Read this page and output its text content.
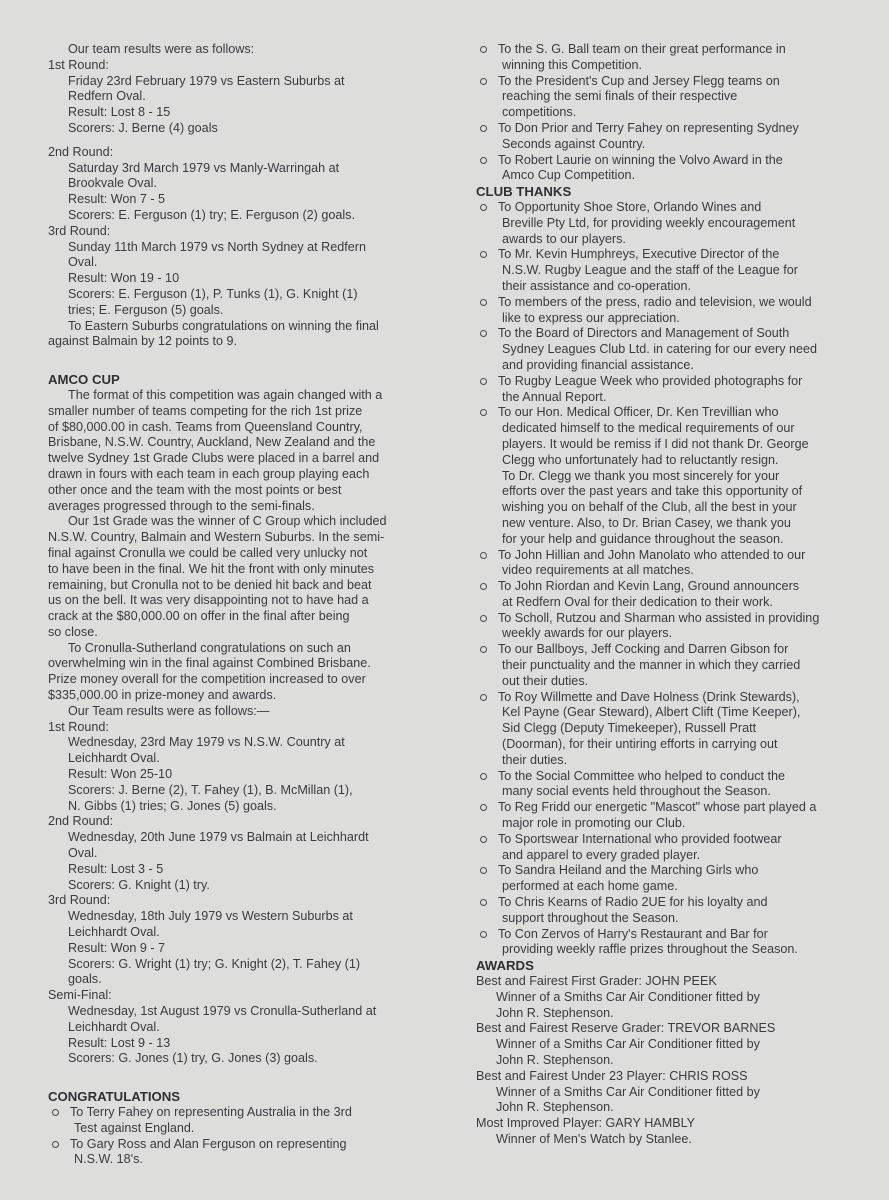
Our team results were as follows:
1st Round:
Friday 23rd February 1979 vs Eastern Suburbs at
Redfern Oval.
Result: Lost 8 - 15
Scorers: J. Berne (4) goals
2nd Round:
Saturday 3rd March 1979 vs Manly-Warringah at
Brookvale Oval.
Result: Won 7 - 5
Scorers: E. Ferguson (1) try; E. Ferguson (2) goals.
3rd Round:
Sunday 11th March 1979 vs North Sydney at Redfern
Oval.
Result: Won 19 - 10
Scorers: E. Ferguson (1), P. Tunks (1), G. Knight (1)
tries; E. Ferguson (5) goals.
To Eastern Suburbs congratulations on winning the final
against Balmain by 12 points to 9.
AMCO CUP
The format of this competition was again changed with a
smaller number of teams competing for the rich 1st prize
of $80,000.00 in cash. Teams from Queensland Country,
Brisbane, N.S.W. Country, Auckland, New Zealand and the
twelve Sydney 1st Grade Clubs were placed in a barrel and
drawn in fours with each team in each group playing each
other once and the team with the most points or best
averages progressed through to the semi-finals.
Our 1st Grade was the winner of C Group which included
N.S.W. Country, Balmain and Western Suburbs. In the semi-
final against Cronulla we could be called very unlucky not
to have been in the final. We hit the front with only minutes
remaining, but Cronulla not to be denied hit back and beat
us on the bell. It was very disappointing not to have had a
crack at the $80,000.00 on offer in the final after being
so close.
To Cronulla-Sutherland congratulations on such an
overwhelming win in the final against Combined Brisbane.
Prize money overall for the competition increased to over
$335,000.00 in prize-money and awards.
Our Team results were as follows:—
1st Round:
Wednesday, 23rd May 1979 vs N.S.W. Country at
Leichhardt Oval.
Result: Won 25-10
Scorers: J. Berne (2), T. Fahey (1), B. McMillan (1),
N. Gibbs (1) tries; G. Jones (5) goals.
2nd Round:
Wednesday, 20th June 1979 vs Balmain at Leichhardt
Oval.
Result: Lost 3 - 5
Scorers: G. Knight (1) try.
3rd Round:
Wednesday, 18th July 1979 vs Western Suburbs at
Leichhardt Oval.
Result: Won 9 - 7
Scorers: G. Wright (1) try; G. Knight (2), T. Fahey (1)
goals.
Semi-Final:
Wednesday, 1st August 1979 vs Cronulla-Sutherland at
Leichhardt Oval.
Result: Lost 9 - 13
Scorers: G. Jones (1) try, G. Jones (3) goals.
CONGRATULATIONS
To Terry Fahey on representing Australia in the 3rd
Test against England.
To Gary Ross and Alan Ferguson on representing
N.S.W. 18's.
To the S. G. Ball team on their great performance in
winning this Competition.
To the President's Cup and Jersey Flegg teams on
reaching the semi finals of their respective
competitions.
To Don Prior and Terry Fahey on representing Sydney
Seconds against Country.
To Robert Laurie on winning the Volvo Award in the
Amco Cup Competition.
CLUB THANKS
To Opportunity Shoe Store, Orlando Wines and
Breville Pty Ltd, for providing weekly encouragement
awards to our players.
To Mr. Kevin Humphreys, Executive Director of the
N.S.W. Rugby League and the staff of the League for
their assistance and co-operation.
To members of the press, radio and television, we would
like to express our appreciation.
To the Board of Directors and Management of South
Sydney Leagues Club Ltd. in catering for our every need
and providing financial assistance.
To Rugby League Week who provided photographs for
the Annual Report.
To our Hon. Medical Officer, Dr. Ken Trevillian who
dedicated himself to the medical requirements of our
players. It would be remiss if I did not thank Dr. George
Clegg who unfortunately had to reluctantly resign.
To Dr. Clegg we thank you most sincerely for your
efforts over the past years and take this opportunity of
wishing you on behalf of the Club, all the best in your
new venture. Also, to Dr. Brian Casey, we thank you
for your help and guidance throughout the season.
To John Hillian and John Manolato who attended to our
video requirements at all matches.
To John Riordan and Kevin Lang, Ground announcers
at Redfern Oval for their dedication to their work.
To Scholl, Rutzou and Sharman who assisted in providing
weekly awards for our players.
To our Ballboys, Jeff Cocking and Darren Gibson for
their punctuality and the manner in which they carried
out their duties.
To Roy Willmette and Dave Holness (Drink Stewards),
Kel Payne (Gear Steward), Albert Clift (Time Keeper),
Sid Clegg (Deputy Timekeeper), Russell Pratt
(Doorman), for their untiring efforts in carrying out
their duties.
To the Social Committee who helped to conduct the
many social events held throughout the Season.
To Reg Fridd our energetic "Mascot" whose part played a
major role in promoting our Club.
To Sportswear International who provided footwear
and apparel to every graded player.
To Sandra Heiland and the Marching Girls who
performed at each home game.
To Chris Kearns of Radio 2UE for his loyalty and
support throughout the Season.
To Con Zervos of Harry's Restaurant and Bar for
providing weekly raffle prizes throughout the Season.
AWARDS
Best and Fairest First Grader: JOHN PEEK
Winner of a Smiths Car Air Conditioner fitted by
John R. Stephenson.
Best and Fairest Reserve Grader: TREVOR BARNES
Winner of a Smiths Car Air Conditioner fitted by
John R. Stephenson.
Best and Fairest Under 23 Player: CHRIS ROSS
Winner of a Smiths Car Air Conditioner fitted by
John R. Stephenson.
Most Improved Player: GARY HAMBLY
Winner of Men's Watch by Stanlee.
